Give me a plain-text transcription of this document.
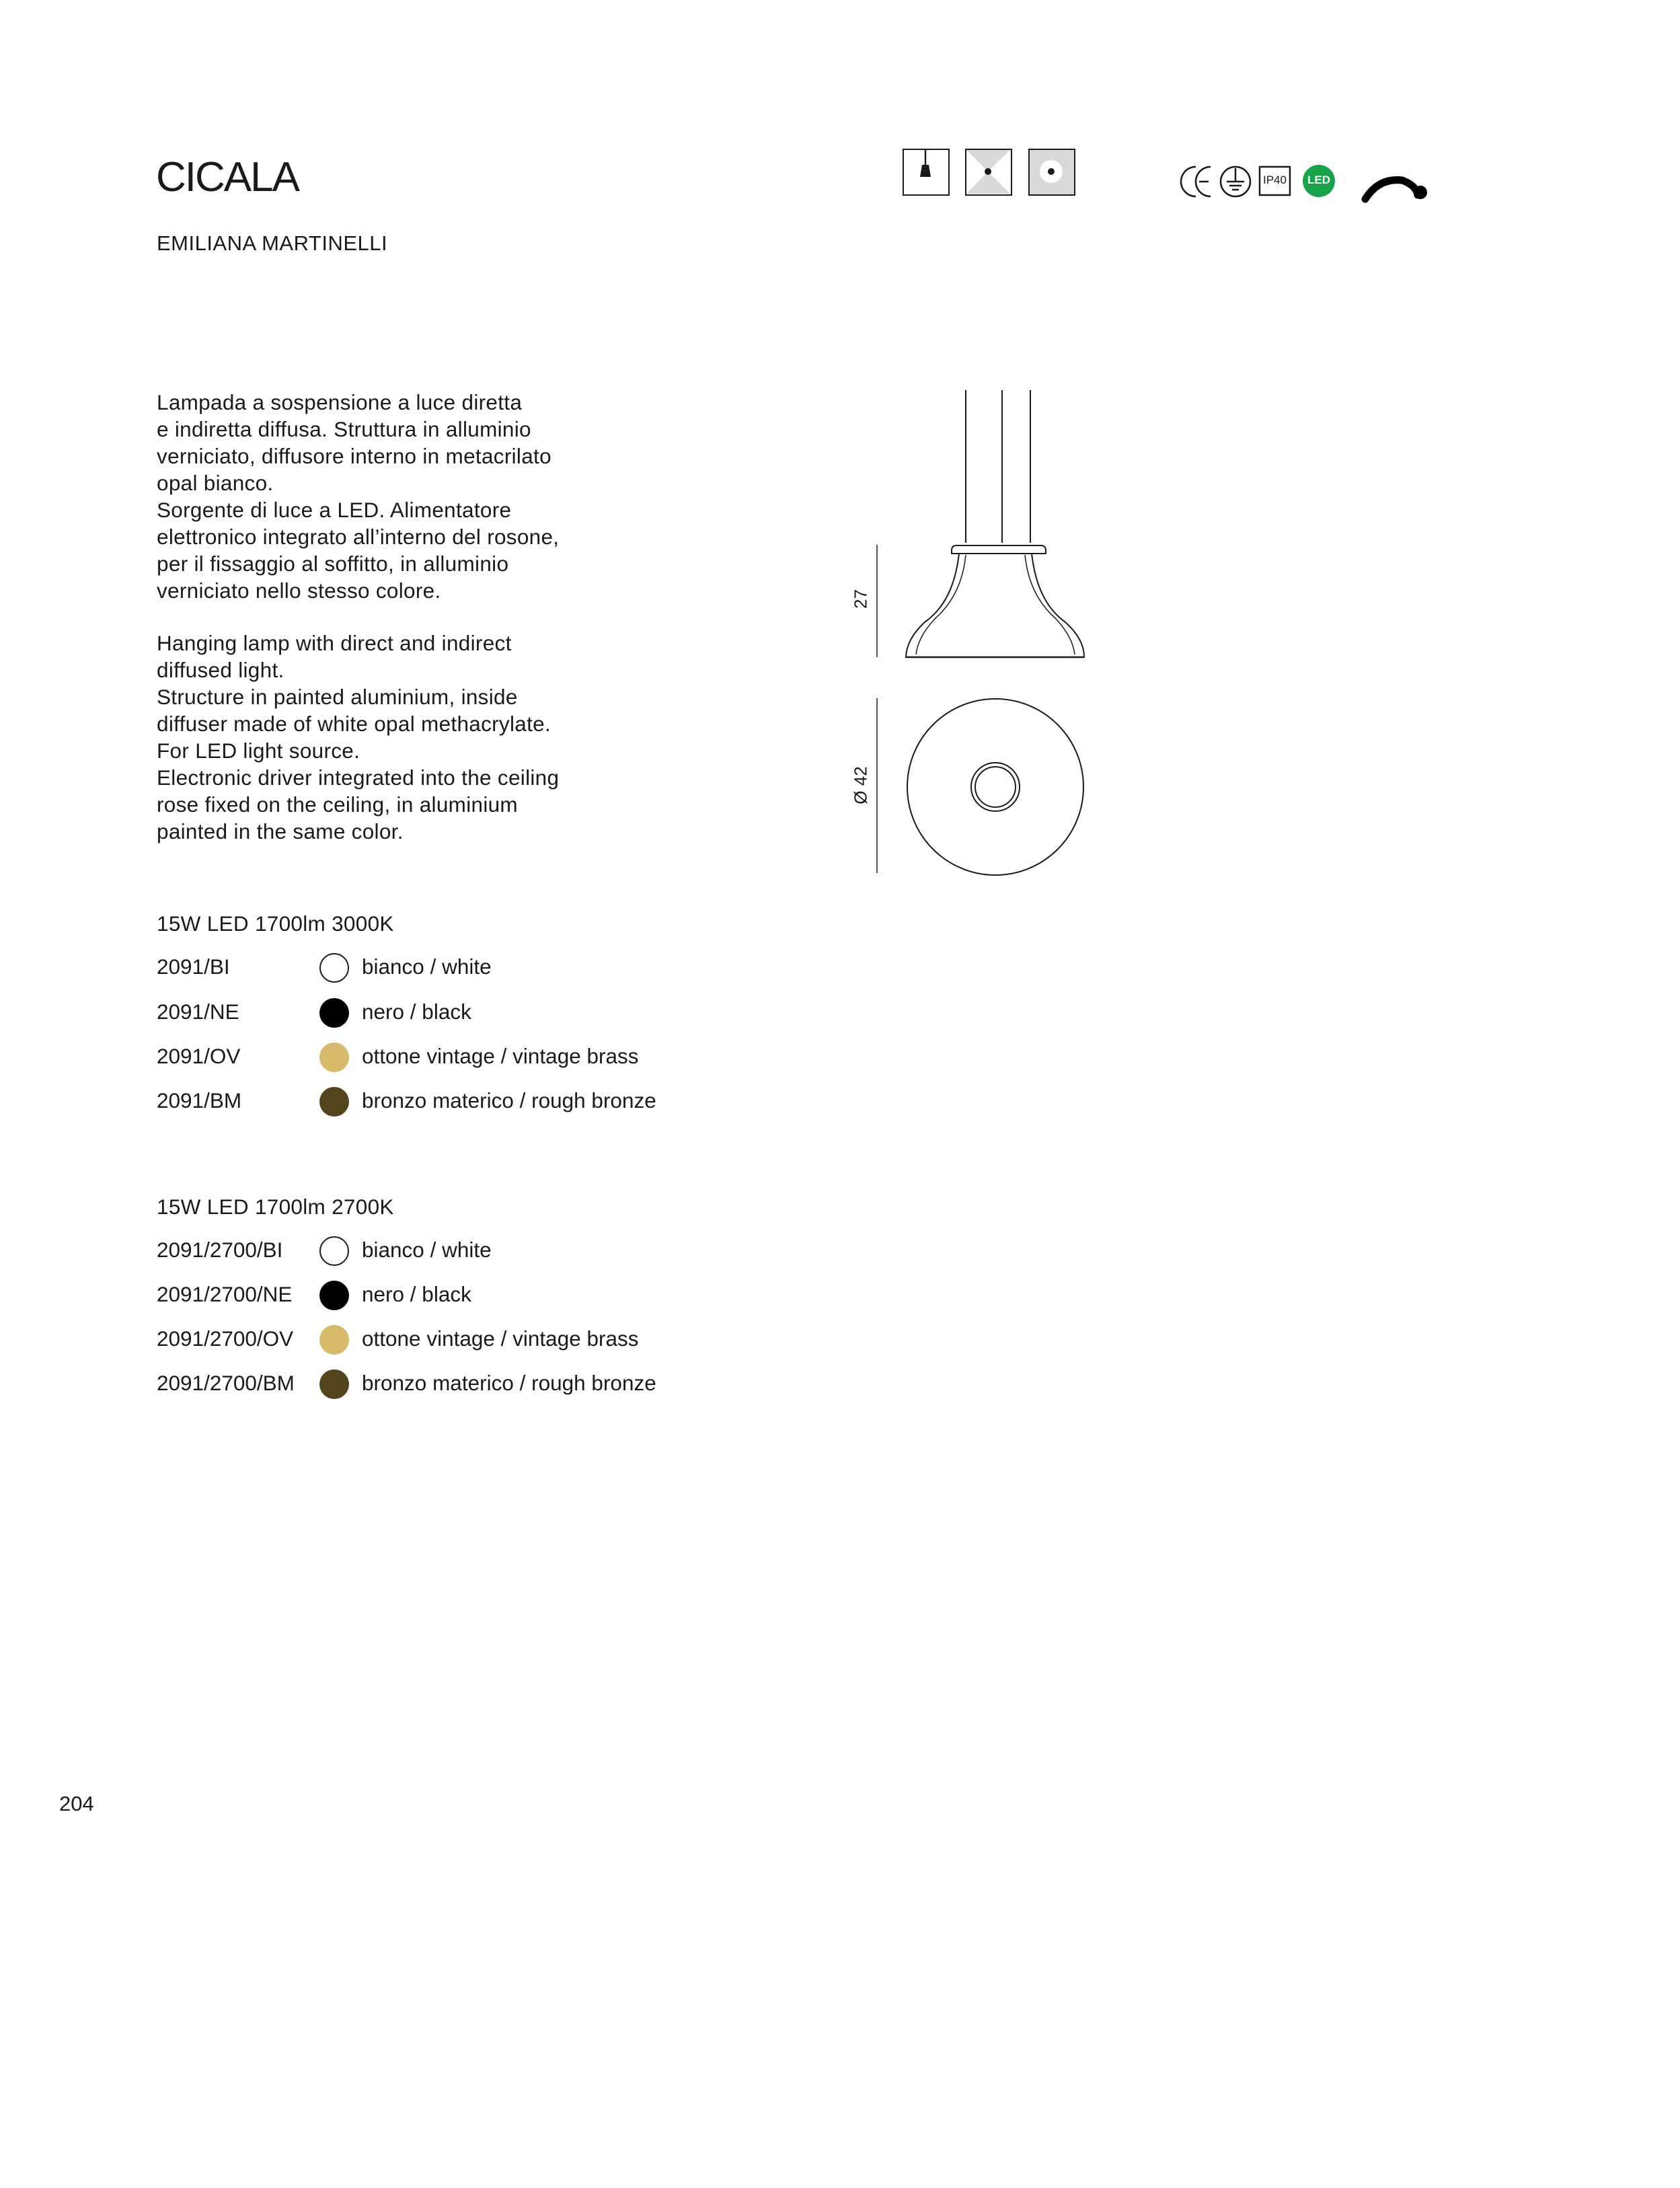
CICALA
EMILIANA MARTINELLI
IP40	LED
Lampada a sospensione a luce diretta
e indiretta diffusa. Struttura in alluminio
verniciato, diffusore interno in metacrilato
opal bianco.
Sorgente di luce a LED. Alimentatore
elettronico integrato all’interno del rosone,
per il fissaggio al soffitto, in alluminio
verniciato nello stesso colore.
Hanging lamp with direct and indirect
diffused light.
Structure in painted aluminium, inside
diffuser made of white opal methacrylate.
For LED light source.
Electronic driver integrated into the ceiling
rose fixed on the ceiling, in aluminium
painted in the same color.
27
Ø 42
15W LED 1700lm 3000K
2091/BI	bianco / white
2091/NE	nero / black
2091/OV	ottone vintage / vintage brass
2091/BM	bronzo materico / rough bronze
15W LED 1700lm 2700K
2091/2700/BI	bianco / white
2091/2700/NE	nero / black
2091/2700/OV	ottone vintage / vintage brass
2091/2700/BM	bronzo materico / rough bronze
204
